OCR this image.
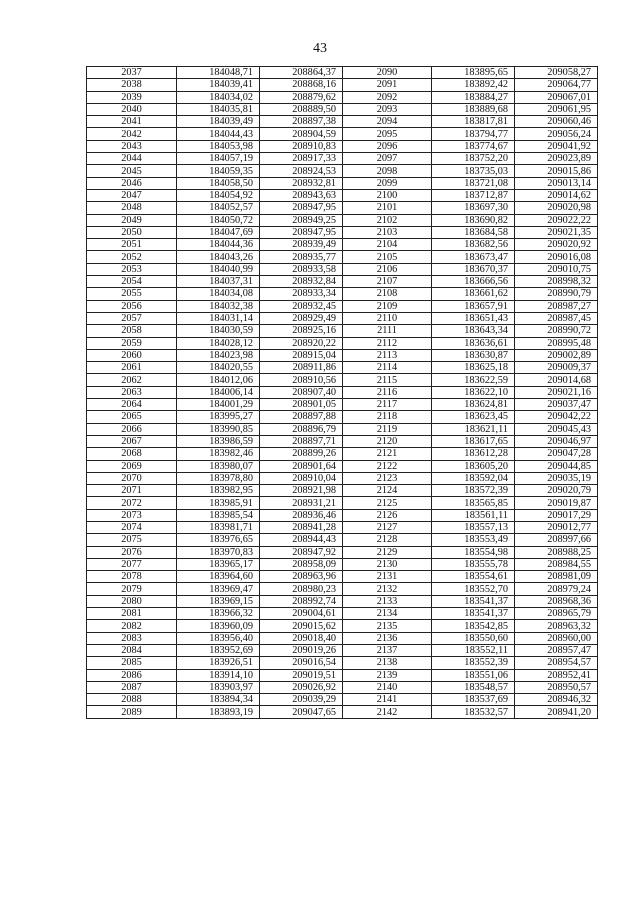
43
2037	184048,71	208864,37	2090	183895,65	209058,27
2038	184039,41	208868,16	2091	183892,42	209064,77
2039	184034,02	208879,62	2092	183884,27	209067,01
2040	184035,81	208889,50	2093	183889,68	209061,95
2041	184039,49	208897,38	2094	183817,81	209060,46
2042	184044,43	208904,59	2095	183794,77	209056,24
2043	184053,98	208910,83	2096	183774,67	209041,92
2044	184057,19	208917,33	2097	183752,20	209023,89
2045	184059,35	208924,53	2098	183735,03	209015,86
2046	184058,50	208932,81	2099	183721,08	209013,14
2047	184054,92	208943,63	2100	183712,87	209014,62
2048	184052,57	208947,95	2101	183697,30	209020,98
2049	184050,72	208949,25	2102	183690,82	209022,22
2050	184047,69	208947,95	2103	183684,58	209021,35
2051	184044,36	208939,49	2104	183682,56	209020,92
2052	184043,26	208935,77	2105	183673,47	209016,08
2053	184040,99	208933,58	2106	183670,37	209010,75
2054	184037,31	208932,84	2107	183666,56	208998,32
2055	184034,08	208933,34	2108	183661,62	208990,79
2056	184032,38	208932,45	2109	183657,91	208987,27
2057	184031,14	208929,49	2110	183651,43	208987,45
2058	184030,59	208925,16	2111	183643,34	208990,72
2059	184028,12	208920,22	2112	183636,61	208995,48
2060	184023,98	208915,04	2113	183630,87	209002,89
2061	184020,55	208911,86	2114	183625,18	209009,37
2062	184012,06	208910,56	2115	183622,59	209014,68
2063	184006,14	208907,40	2116	183622,10	209021,16
2064	184001,29	208901,05	2117	183624,81	209037,47
2065	183995,27	208897,88	2118	183623,45	209042,22
2066	183990,85	208896,79	2119	183621,11	209045,43
2067	183986,59	208897,71	2120	183617,65	209046,97
2068	183982,46	208899,26	2121	183612,28	209047,28
2069	183980,07	208901,64	2122	183605,20	209044,85
2070	183978,80	208910,04	2123	183592,04	209035,19
2071	183982,95	208921,98	2124	183572,39	209020,79
2072	183985,91	208931,21	2125	183565,85	209019,87
2073	183985,54	208936,46	2126	183561,11	209017,29
2074	183981,71	208941,28	2127	183557,13	209012,77
2075	183976,65	208944,43	2128	183553,49	208997,66
2076	183970,83	208947,92	2129	183554,98	208988,25
2077	183965,17	208958,09	2130	183555,78	208984,55
2078	183964,60	208963,96	2131	183554,61	208981,09
2079	183969,47	208980,23	2132	183552,70	208979,24
2080	183969,15	208992,74	2133	183541,37	208968,36
2081	183966,32	209004,61	2134	183541,37	208965,79
2082	183960,09	209015,62	2135	183542,85	208963,32
2083	183956,40	209018,40	2136	183550,60	208960,00
2084	183952,69	209019,26	2137	183552,11	208957,47
2085	183926,51	209016,54	2138	183552,39	208954,57
2086	183914,10	209019,51	2139	183551,06	208952,41
2087	183903,97	209026,92	2140	183548,57	208950,57
2088	183894,34	209039,29	2141	183537,69	208946,32
2089	183893,19	209047,65	2142	183532,57	208941,20
